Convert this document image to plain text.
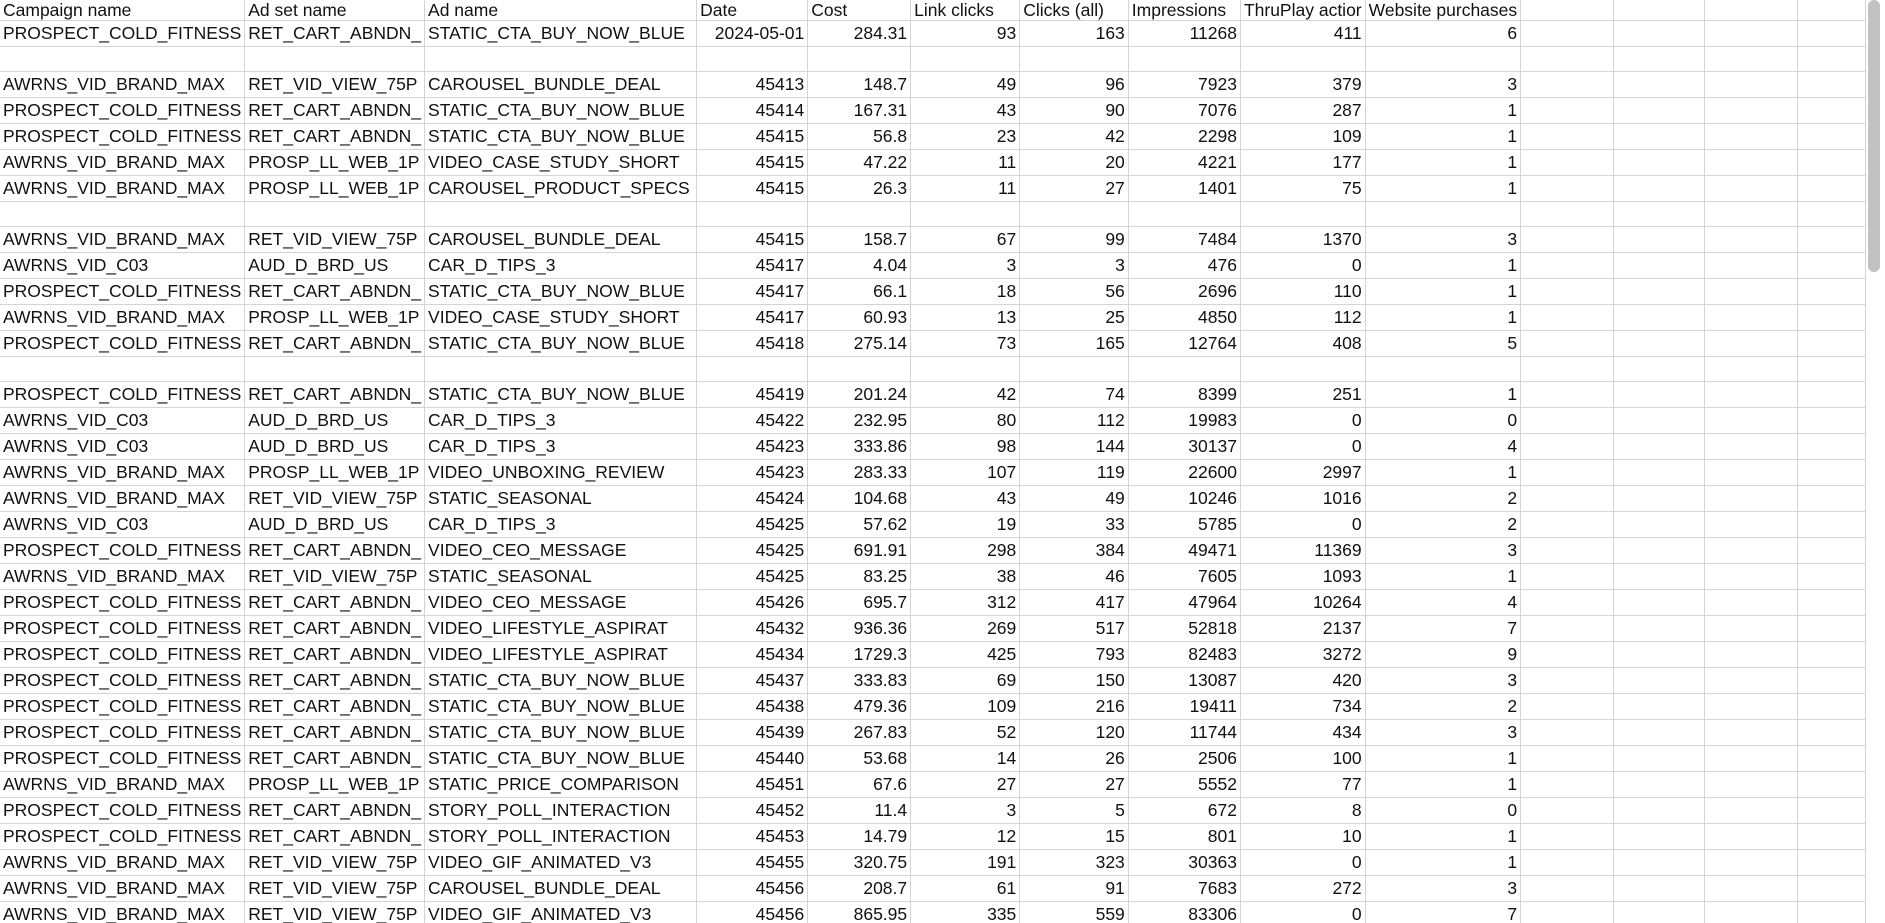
Campaign name	Ad set name	Ad name	Date	Cost	Link clicks	Clicks (all)	Impressions	ThruPlay actior	Website purchases				
PROSPECT_COLD_FITNESS	RET_CART_ABNDN_	STATIC_CTA_BUY_NOW_BLUE	2024-05-01	284.31	93	163	11268	411	6				

AWRNS_VID_BRAND_MAX	RET_VID_VIEW_75P	CAROUSEL_BUNDLE_DEAL	45413	148.7	49	96	7923	379	3				
PROSPECT_COLD_FITNESS	RET_CART_ABNDN_	STATIC_CTA_BUY_NOW_BLUE	45414	167.31	43	90	7076	287	1				
PROSPECT_COLD_FITNESS	RET_CART_ABNDN_	STATIC_CTA_BUY_NOW_BLUE	45415	56.8	23	42	2298	109	1				
AWRNS_VID_BRAND_MAX	PROSP_LL_WEB_1P	VIDEO_CASE_STUDY_SHORT	45415	47.22	11	20	4221	177	1				
AWRNS_VID_BRAND_MAX	PROSP_LL_WEB_1P	CAROUSEL_PRODUCT_SPECS	45415	26.3	11	27	1401	75	1				

AWRNS_VID_BRAND_MAX	RET_VID_VIEW_75P	CAROUSEL_BUNDLE_DEAL	45415	158.7	67	99	7484	1370	3				
AWRNS_VID_C03	AUD_D_BRD_US	CAR_D_TIPS_3	45417	4.04	3	3	476	0	1				
PROSPECT_COLD_FITNESS	RET_CART_ABNDN_	STATIC_CTA_BUY_NOW_BLUE	45417	66.1	18	56	2696	110	1				
AWRNS_VID_BRAND_MAX	PROSP_LL_WEB_1P	VIDEO_CASE_STUDY_SHORT	45417	60.93	13	25	4850	112	1				
PROSPECT_COLD_FITNESS	RET_CART_ABNDN_	STATIC_CTA_BUY_NOW_BLUE	45418	275.14	73	165	12764	408	5				

PROSPECT_COLD_FITNESS	RET_CART_ABNDN_	STATIC_CTA_BUY_NOW_BLUE	45419	201.24	42	74	8399	251	1				
AWRNS_VID_C03	AUD_D_BRD_US	CAR_D_TIPS_3	45422	232.95	80	112	19983	0	0				
AWRNS_VID_C03	AUD_D_BRD_US	CAR_D_TIPS_3	45423	333.86	98	144	30137	0	4				
AWRNS_VID_BRAND_MAX	PROSP_LL_WEB_1P	VIDEO_UNBOXING_REVIEW	45423	283.33	107	119	22600	2997	1				
AWRNS_VID_BRAND_MAX	RET_VID_VIEW_75P	STATIC_SEASONAL	45424	104.68	43	49	10246	1016	2				
AWRNS_VID_C03	AUD_D_BRD_US	CAR_D_TIPS_3	45425	57.62	19	33	5785	0	2				
PROSPECT_COLD_FITNESS	RET_CART_ABNDN_	VIDEO_CEO_MESSAGE	45425	691.91	298	384	49471	11369	3				
AWRNS_VID_BRAND_MAX	RET_VID_VIEW_75P	STATIC_SEASONAL	45425	83.25	38	46	7605	1093	1				
PROSPECT_COLD_FITNESS	RET_CART_ABNDN_	VIDEO_CEO_MESSAGE	45426	695.7	312	417	47964	10264	4				
PROSPECT_COLD_FITNESS	RET_CART_ABNDN_	VIDEO_LIFESTYLE_ASPIRAT	45432	936.36	269	517	52818	2137	7				
PROSPECT_COLD_FITNESS	RET_CART_ABNDN_	VIDEO_LIFESTYLE_ASPIRAT	45434	1729.3	425	793	82483	3272	9				
PROSPECT_COLD_FITNESS	RET_CART_ABNDN_	STATIC_CTA_BUY_NOW_BLUE	45437	333.83	69	150	13087	420	3				
PROSPECT_COLD_FITNESS	RET_CART_ABNDN_	STATIC_CTA_BUY_NOW_BLUE	45438	479.36	109	216	19411	734	2				
PROSPECT_COLD_FITNESS	RET_CART_ABNDN_	STATIC_CTA_BUY_NOW_BLUE	45439	267.83	52	120	11744	434	3				
PROSPECT_COLD_FITNESS	RET_CART_ABNDN_	STATIC_CTA_BUY_NOW_BLUE	45440	53.68	14	26	2506	100	1				
AWRNS_VID_BRAND_MAX	PROSP_LL_WEB_1P	STATIC_PRICE_COMPARISON	45451	67.6	27	27	5552	77	1				
PROSPECT_COLD_FITNESS	RET_CART_ABNDN_	STORY_POLL_INTERACTION	45452	11.4	3	5	672	8	0				
PROSPECT_COLD_FITNESS	RET_CART_ABNDN_	STORY_POLL_INTERACTION	45453	14.79	12	15	801	10	1				
AWRNS_VID_BRAND_MAX	RET_VID_VIEW_75P	VIDEO_GIF_ANIMATED_V3	45455	320.75	191	323	30363	0	1				
AWRNS_VID_BRAND_MAX	RET_VID_VIEW_75P	CAROUSEL_BUNDLE_DEAL	45456	208.7	61	91	7683	272	3				
AWRNS_VID_BRAND_MAX	RET_VID_VIEW_75P	VIDEO_GIF_ANIMATED_V3	45456	865.95	335	559	83306	0	7				
